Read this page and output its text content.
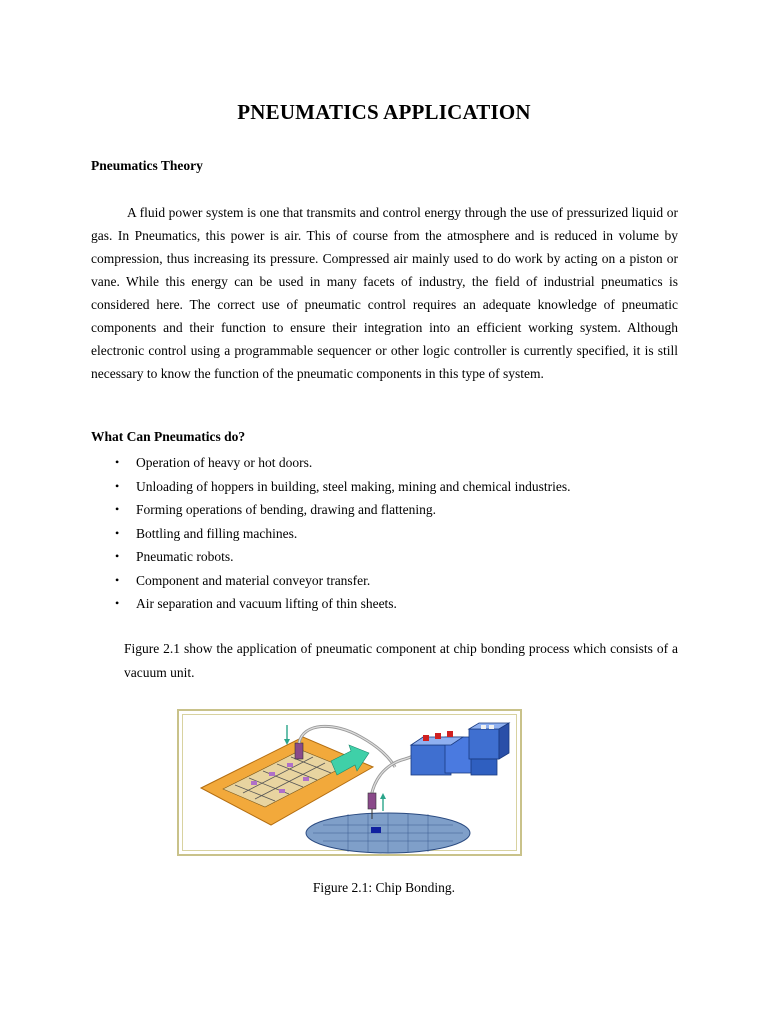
PNEUMATICS APPLICATION

Pneumatics Theory

A fluid power system is one that transmits and control energy through the use of pressurized liquid or gas. In Pneumatics, this power is air. This of course from the atmosphere and is reduced in volume by compression, thus increasing its pressure. Compressed air mainly used to do work by acting on a piston or vane. While this energy can be used in many facets of industry, the field of industrial pneumatics is considered here. The correct use of pneumatic control requires an adequate knowledge of pneumatic components and their function to ensure their integration into an efficient working system. Although electronic control using a programmable sequencer or other logic controller is currently specified, it is still necessary to know the function of the pneumatic components in this type of system.

What Can Pneumatics do?

• Operation of heavy or hot doors.
• Unloading of hoppers in building, steel making, mining and chemical industries.
• Forming operations of bending, drawing and flattening.
• Bottling and filling machines.
• Pneumatic robots.
• Component and material conveyor transfer.
• Air separation and vacuum lifting of thin sheets.

Figure 2.1 show the application of pneumatic component at chip bonding process which consists of a vacuum unit.

Figure 2.1: Chip Bonding.
